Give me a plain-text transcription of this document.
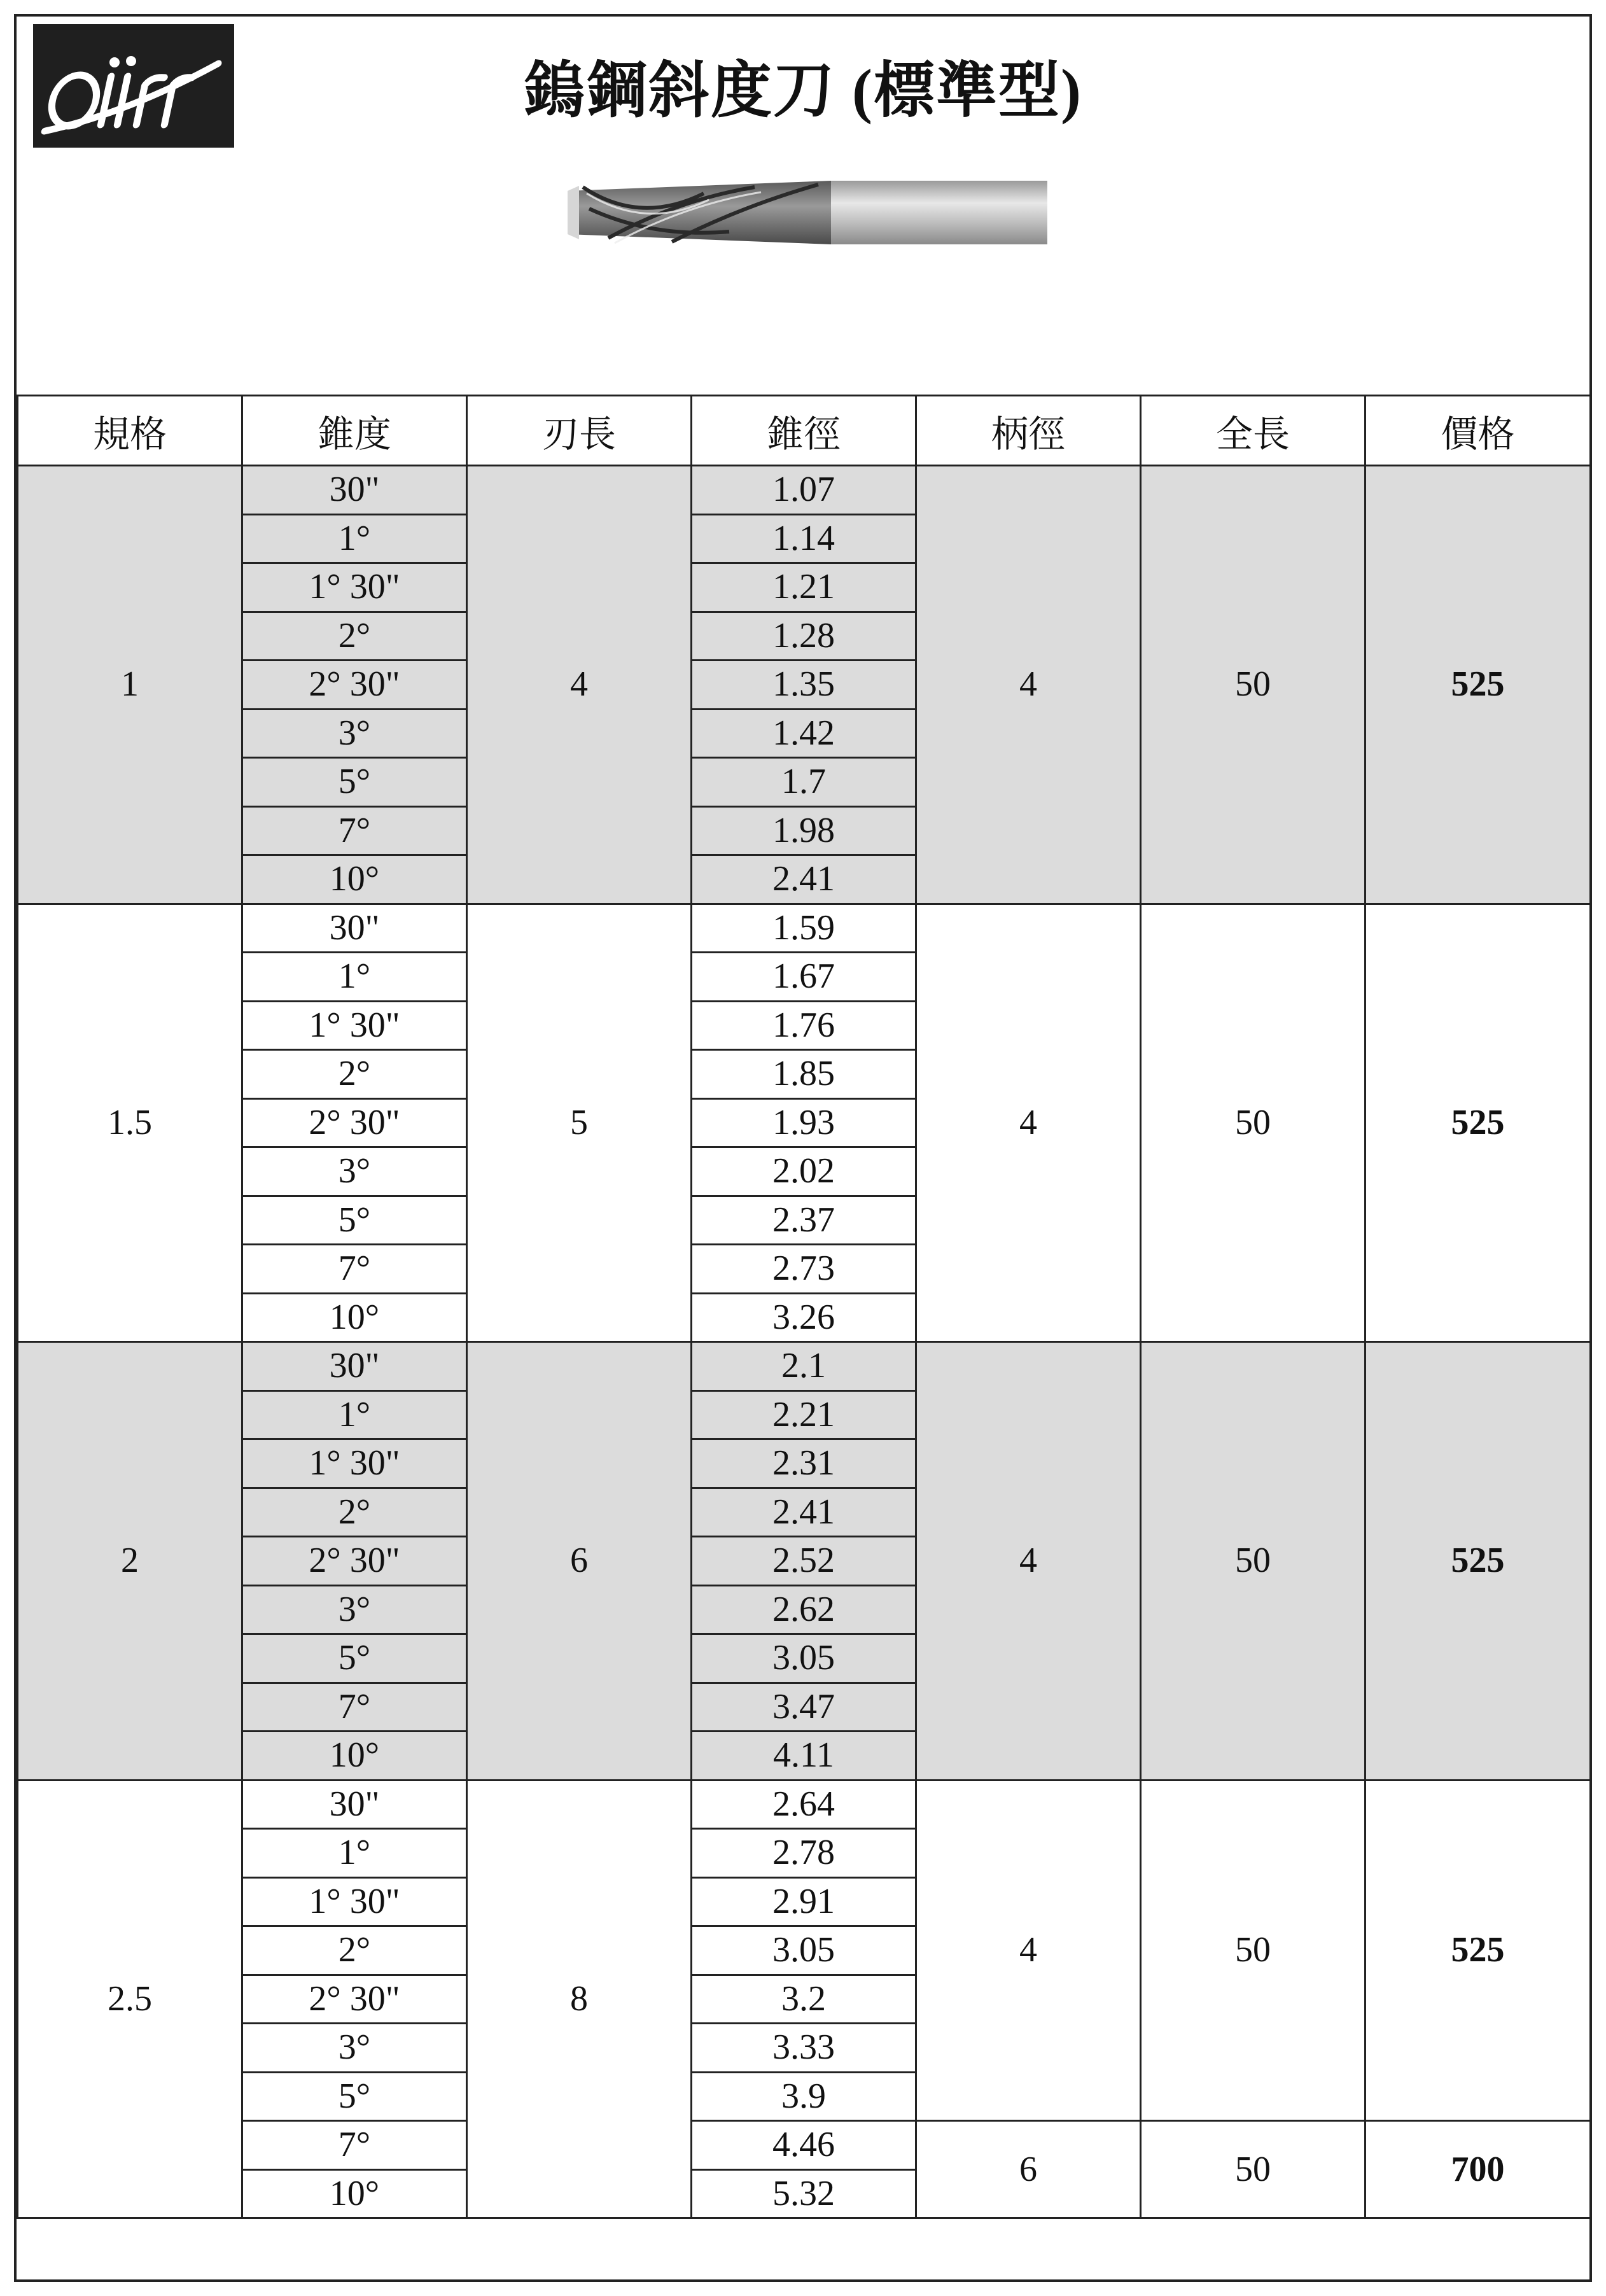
鎢鋼斜度刀 (標準型)
規格	錐度	刃長	錐徑	柄徑	全長	價格
1	30"	4	1.07	4	50	525
	1°		1.14			
	1° 30"		1.21			
	2°		1.28			
	2° 30"		1.35			
	3°		1.42			
	5°		1.7			
	7°		1.98			
	10°		2.41			
1.5	30"	5	1.59	4	50	525
	1°		1.67			
	1° 30"		1.76			
	2°		1.85			
	2° 30"		1.93			
	3°		2.02			
	5°		2.37			
	7°		2.73			
	10°		3.26			
2	30"	6	2.1	4	50	525
	1°		2.21			
	1° 30"		2.31			
	2°		2.41			
	2° 30"		2.52			
	3°		2.62			
	5°		3.05			
	7°		3.47			
	10°		4.11			
2.5	30"	8	2.64	4	50	525
	1°		2.78			
	1° 30"		2.91			
	2°		3.05			
	2° 30"		3.2			
	3°		3.33			
	5°		3.9			
	7°		4.46	6	50	700
	10°		5.32			
